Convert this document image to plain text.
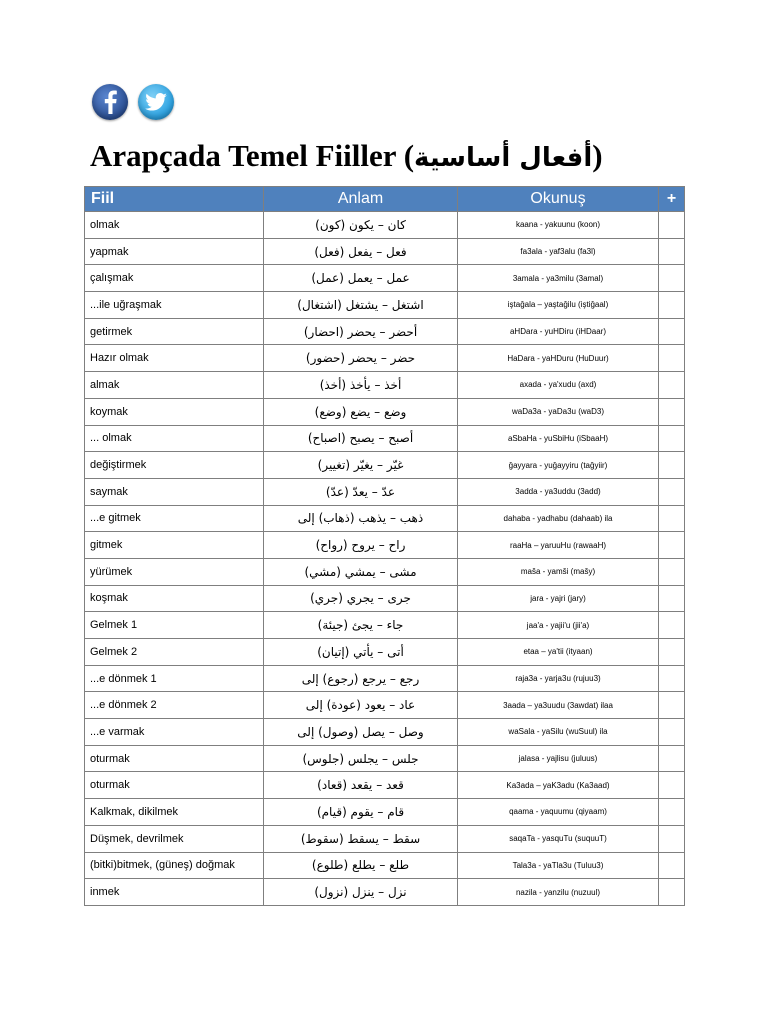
Arapçada Temel Fiiller (أفعال أساسية)
Fiil	Anlam	Okunuş	+
olmak	كان – يكون (كون)	kaana - yakuunu (koon)	
yapmak	فعل – يفعل (فعل)	fa3ala - yaf3alu (fa3l)	
çalışmak	عمل – يعمل (عمل)	3amala - ya3milu (3amal)	
...ile uğraşmak	اشتغل – يشتغل (اشتغال)	iştağala – yaştağilu (iştiğaal)	
getirmek	أحضر – يحضر (احضار)	aHDara - yuHDiru (iHDaar)	
Hazır olmak	حضر – يحضر (حضور)	HaDara - yaHDuru (HuDuur)	
almak	أخذ – يأخذ (أخذ)	axada - ya'xudu (axd)	
koymak	وضع – يضع (وضع)	waDa3a - yaDa3u (waD3)	
... olmak	أصبح – يصبح (اصباح)	aSbaHa - yuSbiHu (iSbaaH)	
değiştirmek	غيّر – يغيّر (تغيير)	ğayyara - yuğayyiru (tağyiir)	
saymak	عدّ – يعدّ (عدّ)	3adda - ya3uddu (3add)	
...e gitmek	ذهب – يذهب (ذهاب) إلى	dahaba - yadhabu (dahaab) ila	
gitmek	راح – يروح (رواح)	raaHa – yaruuHu (rawaaH)	
yürümek	مشى – يمشي (مشي)	maša - yamši (mašy)	
koşmak	جرى – يجري (جري)	jara - yajri (jary)	
Gelmek 1	جاء – يجئ (جيئة)	jaa'a - yajii'u (jii'a)	
Gelmek 2	أتى – يأتي (إتيان)	etaa – ya'tii (ityaan)	
...e dönmek 1	رجع – يرجع (رجوع) إلى	raja3a - yarja3u (rujuu3)	
...e dönmek 2	عاد – يعود (عودة) إلى	3aada – ya3uudu (3awdat) ilaa	
...e varmak	وصل – يصل (وصول) إلى	waSala - yaSilu (wuSuul) ila	
oturmak	جلس – يجلس (جلوس)	jalasa - yajlisu (juluus)	
oturmak	قعد – يقعد (قعاد)	Ka3ada – yaK3adu (Ka3aad)	
Kalkmak, dikilmek	قام – يقوم (قيام)	qaama - yaquumu (qiyaam)	
Düşmek, devrilmek	سقط – يسقط (سقوط)	saqaTa - yasquTu (suquuT)	
(bitki)bitmek, (güneş) doğmak	طلع – يطلع (طلوع)	Tala3a - yaTla3u (Tuluu3)	
inmek	نزل – ينزل (نزول)	nazila - yanzilu (nuzuul)	
